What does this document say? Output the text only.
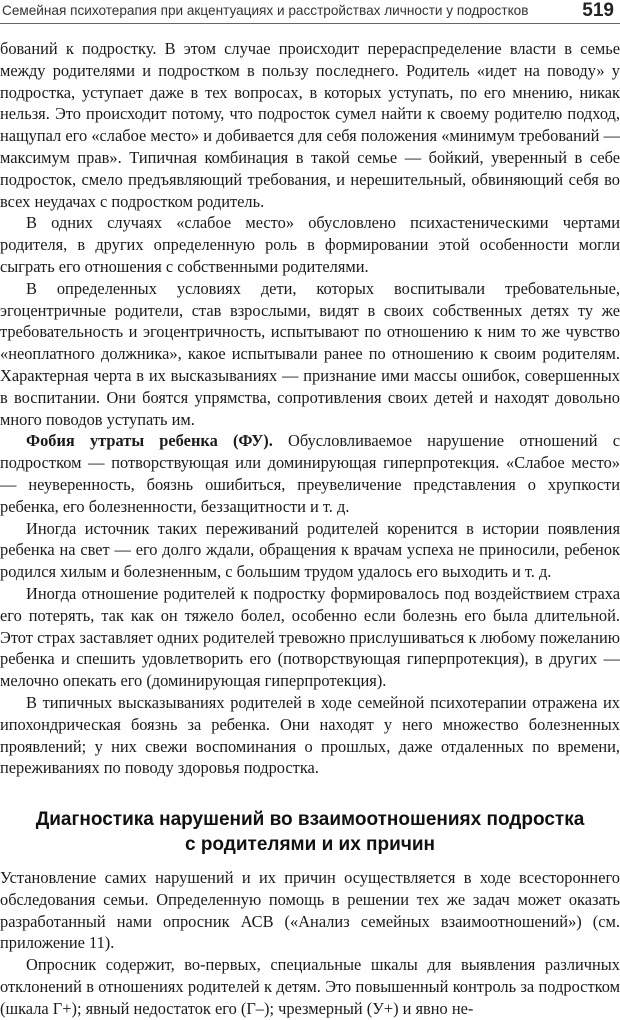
Семейная психотерапия при акцентуациях и расстройствах личности у подростков	519

бований к подростку. В этом случае происходит перераспределение власти в семье между родителями и подростком в пользу последнего. Родитель «идет на поводу» у подростка, уступает даже в тех вопросах, в которых уступать, по его мнению, никак нельзя. Это происходит потому, что подросток сумел найти к своему родителю подход, нащупал его «слабое место» и добивается для себя положения «минимум требований — максимум прав». Типичная комбинация в такой семье — бойкий, уверенный в себе подросток, смело предъявляющий требования, и нерешительный, обвиняющий себя во всех неудачах с подростком родитель.

В одних случаях «слабое место» обусловлено психастеническими чертами родителя, в других определенную роль в формировании этой особенности могли сыграть его отношения с собственными родителями.

В определенных условиях дети, которых воспитывали требовательные, эгоцентричные родители, став взрослыми, видят в своих собственных детях ту же требовательность и эгоцентричность, испытывают по отношению к ним то же чувство «неоплатного должника», какое испытывали ранее по отношению к своим родителям. Характерная черта в их высказываниях — признание ими массы ошибок, совершенных в воспитании. Они боятся упрямства, сопротивления своих детей и находят довольно много поводов уступать им.

Фобия утраты ребенка (ФУ). Обусловливаемое нарушение отношений с подростком — потворствующая или доминирующая гиперпротекция. «Слабое место» — неуверенность, боязнь ошибиться, преувеличение представления о хрупкости ребенка, его болезненности, беззащитности и т. д.

Иногда источник таких переживаний родителей коренится в истории появления ребенка на свет — его долго ждали, обращения к врачам успеха не приносили, ребенок родился хилым и болезненным, с большим трудом удалось его выходить и т. д.

Иногда отношение родителей к подростку формировалось под воздействием страха его потерять, так как он тяжело болел, особенно если болезнь его была длительной. Этот страх заставляет одних родителей тревожно прислушиваться к любому пожеланию ребенка и спешить удовлетворить его (потворствующая гиперпротекция), в других — мелочно опекать его (доминирующая гиперпротекция).

В типичных высказываниях родителей в ходе семейной психотерапии отражена их ипохондрическая боязнь за ребенка. Они находят у него множество болезненных проявлений; у них свежи воспоминания о прошлых, даже отдаленных по времени, переживаниях по поводу здоровья подростка.

Диагностика нарушений во взаимоотношениях подростка
с родителями и их причин

Установление самих нарушений и их причин осуществляется в ходе всестороннего обследования семьи. Определенную помощь в решении тех же задач может оказать разработанный нами опросник АСВ («Анализ семейных взаимоотношений») (см. приложение 11).

Опросник содержит, во-первых, специальные шкалы для выявления различных отклонений в отношениях родителей к детям. Это повышенный контроль за подростком (шкала Г+); явный недостаток его (Г–); чрезмерный (У+) и явно не-
